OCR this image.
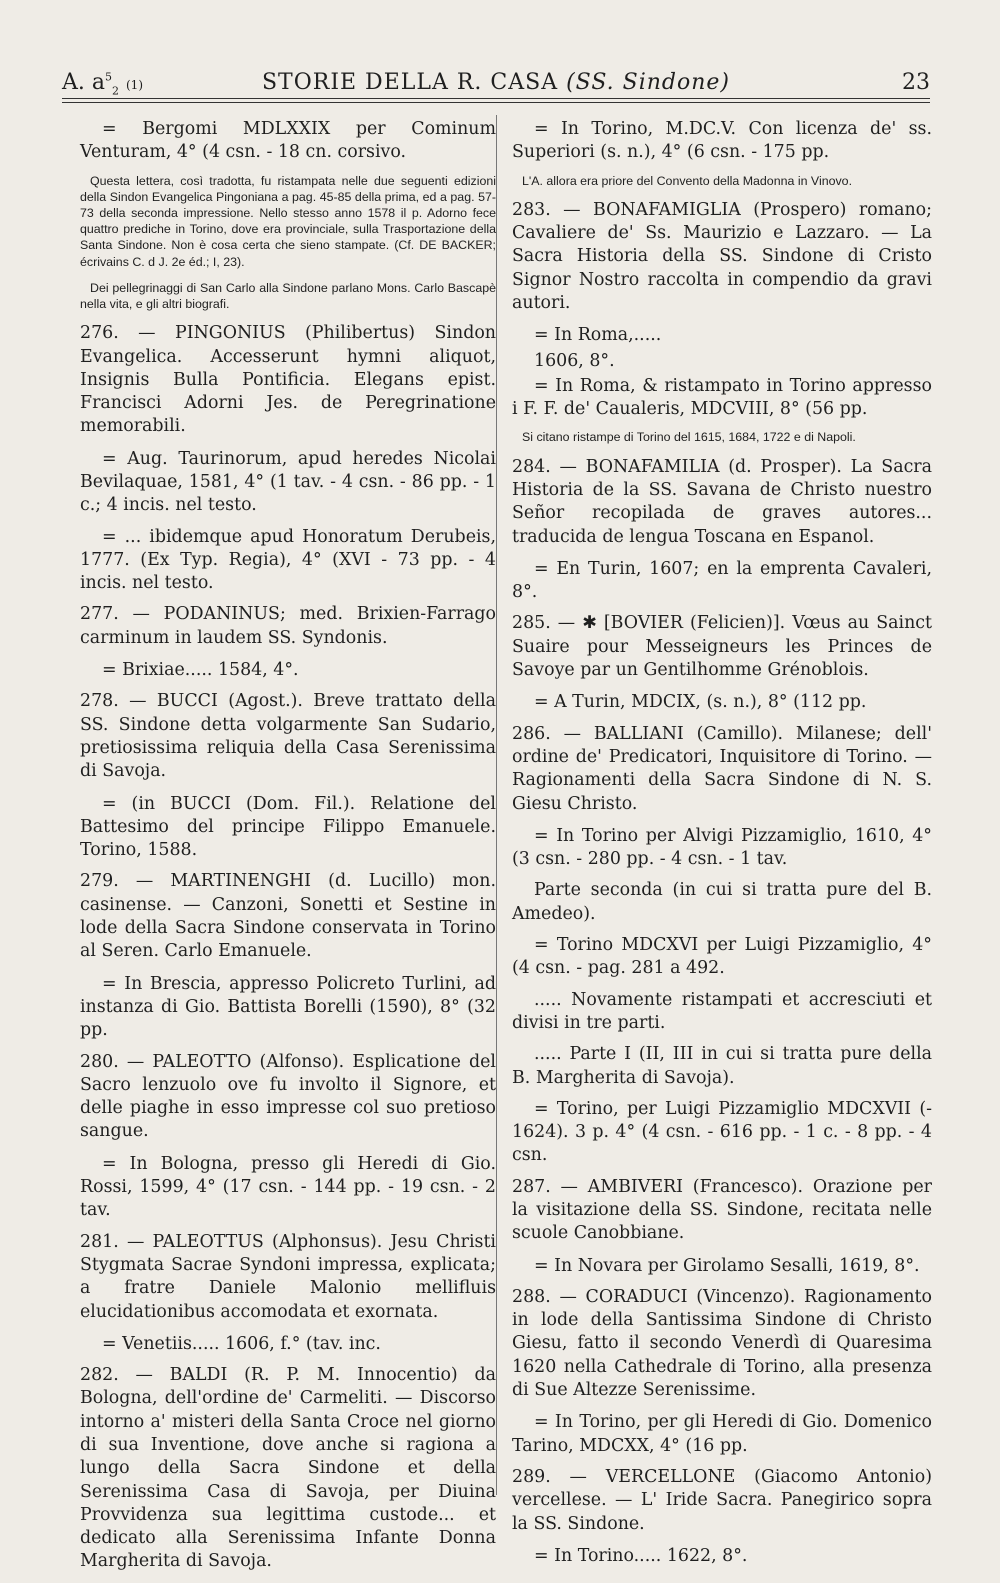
A. $a^5_2$ (1)	STORIE DELLA R. CASA (SS. Sindone)	23

= Bergomi MDLXXIX per Cominum Venturam, 4° (4 csn. - 18 cn. corsivo.

Questa lettera, così tradotta, fu ristampata nelle due seguenti edizioni della Sindon Evangelica Pingoniana a pag. 45-85 della prima, ed a pag. 57-73 della seconda impressione. Nello stesso anno 1578 il p. Adorno fece quattro prediche in Torino, dove era provinciale, sulla Trasportazione della Santa Sindone. Non è cosa certa che sieno stampate. (Cf. DE BACKER; écrivains C. d J. 2e éd.; I, 23).

Dei pellegrinaggi di San Carlo alla Sindone parlano Mons. Carlo Bascapè nella vita, e gli altri biografi.

276. — PINGONIUS (Philibertus) Sindon Evangelica. Accesserunt hymni aliquot, Insignis Bulla Pontificia. Elegans epist. Francisci Adorni Jes. de Peregrinatione memorabili.

= Aug. Taurinorum, apud heredes Nicolai Bevilaquae, 1581, 4° (1 tav. - 4 csn. - 86 pp. - 1 c.; 4 incis. nel testo.

= ... ibidemque apud Honoratum Derubeis, 1777. (Ex Typ. Regia), 4° (XVI - 73 pp. - 4 incis. nel testo.

277. — PODANINUS; med. Brixien-Farrago carminum in laudem SS. Syndonis.

= Brixiae..... 1584, 4°.

278. — BUCCI (Agost.). Breve trattato della SS. Sindone detta volgarmente San Sudario, pretiosissima reliquia della Casa Serenissima di Savoja.

= (in BUCCI (Dom. Fil.). Relatione del Battesimo del principe Filippo Emanuele. Torino, 1588.

279. — MARTINENGHI (d. Lucillo) mon. casinense. — Canzoni, Sonetti et Sestine in lode della Sacra Sindone conservata in Torino al Seren. Carlo Emanuele.

= In Brescia, appresso Policreto Turlini, ad instanza di Gio. Battista Borelli (1590), 8° (32 pp.

280. — PALEOTTO (Alfonso). Esplicatione del Sacro lenzuolo ove fu involto il Signore, et delle piaghe in esso impresse col suo pretioso sangue.

= In Bologna, presso gli Heredi di Gio. Rossi, 1599, 4° (17 csn. - 144 pp. - 19 csn. - 2 tav.

281. — PALEOTTUS (Alphonsus). Jesu Christi Stygmata Sacrae Syndoni impressa, explicata; a fratre Daniele Malonio mellifluis elucidationibus accomodata et exornata.

= Venetiis..... 1606, f.° (tav. inc.

282. — BALDI (R. P. M. Innocentio) da Bologna, dell'ordine de' Carmeliti. — Discorso intorno a' misteri della Santa Croce nel giorno di sua Inventione, dove anche si ragiona a lungo della Sacra Sindone et della Serenissima Casa di Savoja, per Diuina Provvidenza sua legittima custode... et dedicato alla Serenissima Infante Donna Margherita di Savoja.

= In Torino, M.DC.V. Con licenza de' ss. Superiori (s. n.), 4° (6 csn. - 175 pp.

L'A. allora era priore del Convento della Madonna in Vinovo.

283. — BONAFAMIGLIA (Prospero) romano; Cavaliere de' Ss. Maurizio e Lazzaro. — La Sacra Historia della SS. Sindone di Cristo Signor Nostro raccolta in compendio da gravi autori.

= In Roma,.....

1606, 8°.

= In Roma, & ristampato in Torino appresso i F. F. de' Caualeris, MDCVIII, 8° (56 pp.

Si citano ristampe di Torino del 1615, 1684, 1722 e di Napoli.

284. — BONAFAMILIA (d. Prosper). La Sacra Historia de la SS. Savana de Christo nuestro Señor recopilada de graves autores... traducida de lengua Toscana en Espanol.

= En Turin, 1607; en la emprenta Cavaleri, 8°.

285. — ✱ [BOVIER (Felicien)]. Vœus au Sainct Suaire pour Messeigneurs les Princes de Savoye par un Gentilhomme Grénoblois.

= A Turin, MDCIX, (s. n.), 8° (112 pp.

286. — BALLIANI (Camillo). Milanese; dell' ordine de' Predicatori, Inquisitore di Torino. — Ragionamenti della Sacra Sindone di N. S. Giesu Christo.

= In Torino per Alvigi Pizzamiglio, 1610, 4° (3 csn. - 280 pp. - 4 csn. - 1 tav.

Parte seconda (in cui si tratta pure del B. Amedeo).

= Torino MDCXVI per Luigi Pizzamiglio, 4° (4 csn. - pag. 281 a 492.

..... Novamente ristampati et accresciuti et divisi in tre parti.

..... Parte I (II, III in cui si tratta pure della B. Margherita di Savoja).

= Torino, per Luigi Pizzamiglio MDCXVII (- 1624). 3 p. 4° (4 csn. - 616 pp. - 1 c. - 8 pp. - 4 csn.

287. — AMBIVERI (Francesco). Orazione per la visitazione della SS. Sindone, recitata nelle scuole Canobbiane.

= In Novara per Girolamo Sesalli, 1619, 8°.

288. — CORADUCI (Vincenzo). Ragionamento in lode della Santissima Sindone di Christo Giesu, fatto il secondo Venerdì di Quaresima 1620 nella Cathedrale di Torino, alla presenza di Sue Altezze Serenissime.

= In Torino, per gli Heredi di Gio. Domenico Tarino, MDCXX, 4° (16 pp.

289. — VERCELLONE (Giacomo Antonio) vercellese. — L' Iride Sacra. Panegirico sopra la SS. Sindone.

= In Torino..... 1622, 8°.
